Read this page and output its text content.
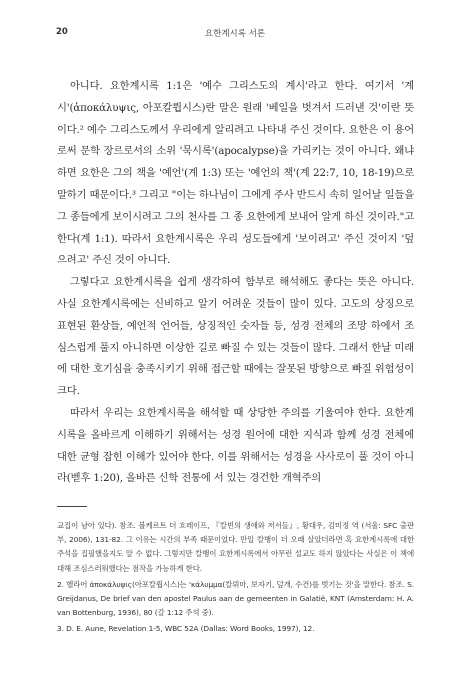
20	요한계시록 서론

아니다. 요한계시록 1:1은 '예수 그리스도의 계시'라고 한다. 여기서 '계시'(ἀποκάλυψις, 아포칼륍시스)란 말은 원래 '베일을 벗겨서 드러낸 것'이란 뜻이다.² 예수 그리스도께서 우리에게 알리려고 나타내 주신 것이다. 요한은 이 용어로써 문학 장르로서의 소위 '묵시록'(apocalypse)을 가리키는 것이 아니다. 왜냐하면 요한은 그의 책을 '예언'(계 1:3) 또는 '예언의 책'(계 22:7, 10, 18-19)으로 말하기 때문이다.³ 그리고 "이는 하나님이 그에게 주사 반드시 속히 일어날 일들을 그 종들에게 보이시려고 그의 천사를 그 종 요한에게 보내어 알게 하신 것이라."고 한다(계 1:1). 따라서 요한계시록은 우리 성도들에게 '보이려고' 주신 것이지 '덮으려고' 주신 것이 아니다.

그렇다고 요한계시록을 쉽게 생각하여 함부로 해석해도 좋다는 뜻은 아니다. 사실 요한계시록에는 신비하고 알기 어려운 것들이 많이 있다. 고도의 상징으로 표현된 환상들, 예언적 언어들, 상징적인 숫자들 등, 성경 전체의 조망 하에서 조심스럽게 풀지 아니하면 이상한 길로 빠질 수 있는 것들이 많다. 그래서 한날 미래에 대한 호기심을 충족시키기 위해 접근할 때에는 잘못된 방향으로 빠질 위험성이 크다.

따라서 우리는 요한계시록을 해석할 때 상당한 주의를 기울여야 한다. 요한계시록을 올바르게 이해하기 위해서는 성경 원어에 대한 지식과 함께 성경 전체에 대한 균형 잡힌 이해가 있어야 한다. 이를 위해서는 성경을 사사로이 풀 것이 아니라(벧후 1:20), 올바른 신학 전통에 서 있는 경건한 개혁주의

교집이 남아 있다). 참조. 볼케르트 더 흐레이프, 『칼빈의 생애와 저서들』, 황대우, 김미정 역 (서울: SFC 출판부, 2006), 131-82. 그 이유는 시간의 부족 때문이었다. 만일 칼뱅이 더 오래 살았더라면 혹 요한계시록에 대한 주석을 집필했을지도 알 수 없다. 그렇지만 칼뱅이 요한계시록에서 아무런 설교도 하지 않았다는 사실은 이 책에 대해 조심스러워했다는 점작을 가능하게 한다.

2. 헬라어 ἀποκάλυψις(아포칼륍시스)는 'κάλυμμα(칼뤼마, 보자기, 덮개, 수건)를 벗기는 것'을 말한다. 참조. S. Greijdanus, De brief van den apostel Paulus aan de gemeenten in Galatië, KNT (Amsterdam: H. A. van Bottenburg, 1936), 80 (갈 1:12 주석 중).

3. D. E. Aune, Revelation 1-5, WBC 52A (Dallas: Word Books, 1997), 12.
